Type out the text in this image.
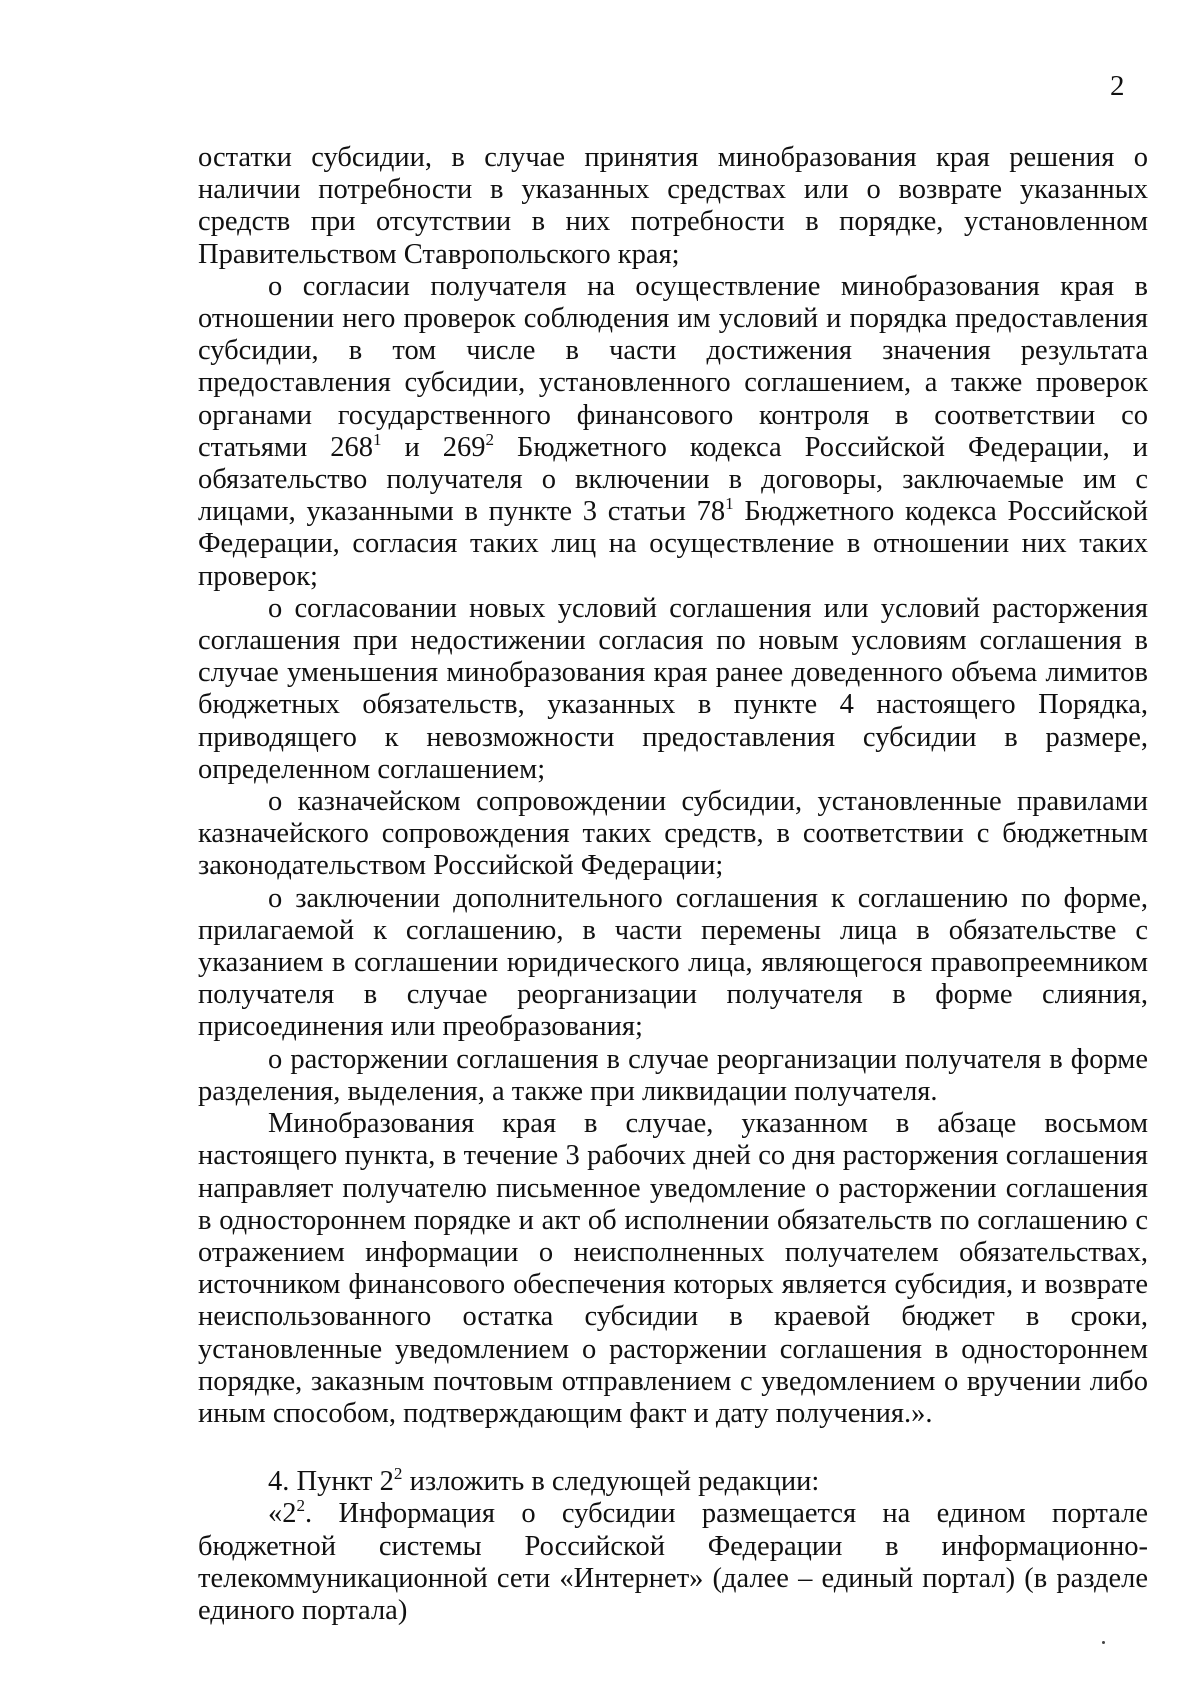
2

остатки субсидии, в случае принятия минобразования края решения о наличии потребности в указанных средствах или о возврате указанных средств при отсутствии в них потребности в порядке, установленном Правительством Ставропольского края;

о согласии получателя на осуществление минобразования края в отношении него проверок соблюдения им условий и порядка предоставления субсидии, в том числе в части достижения значения результата предоставления субсидии, установленного соглашением, а также проверок органами государственного финансового контроля в соответствии со статьями $268^1$ и $269^2$ Бюджетного кодекса Российской Федерации, и обязательство получателя о включении в договоры, заключаемые им с лицами, указанными в пункте 3 статьи $78^1$ Бюджетного кодекса Российской Федерации, согласия таких лиц на осуществление в отношении них таких проверок;

о согласовании новых условий соглашения или условий расторжения соглашения при недостижении согласия по новым условиям соглашения в случае уменьшения минобразования края ранее доведенного объема лимитов бюджетных обязательств, указанных в пункте 4 настоящего Порядка, приводящего к невозможности предоставления субсидии в размере, определенном соглашением;

о казначейском сопровождении субсидии, установленные правилами казначейского сопровождения таких средств, в соответствии с бюджетным законодательством Российской Федерации;

о заключении дополнительного соглашения к соглашению по форме, прилагаемой к соглашению, в части перемены лица в обязательстве с указанием в соглашении юридического лица, являющегося правопреемником получателя в случае реорганизации получателя в форме слияния, присоединения или преобразования;

о расторжении соглашения в случае реорганизации получателя в форме разделения, выделения, а также при ликвидации получателя.

Минобразования края в случае, указанном в абзаце восьмом настоящего пункта, в течение 3 рабочих дней со дня расторжения соглашения направляет получателю письменное уведомление о расторжении соглашения в одностороннем порядке и акт об исполнении обязательств по соглашению с отражением информации о неисполненных получателем обязательствах, источником финансового обеспечения которых является субсидия, и возврате неиспользованного остатка субсидии в краевой бюджет в сроки, установленные уведомлением о расторжении соглашения в одностороннем порядке, заказным почтовым отправлением с уведомлением о вручении либо иным способом, подтверждающим факт и дату получения.».

4. Пункт $2^2$ изложить в следующей редакции:

«$2^2$. Информация о субсидии размещается на едином портале бюджетной системы Российской Федерации в информационно-телекоммуникационной сети «Интернет» (далее – единый портал) (в разделе единого портала)
